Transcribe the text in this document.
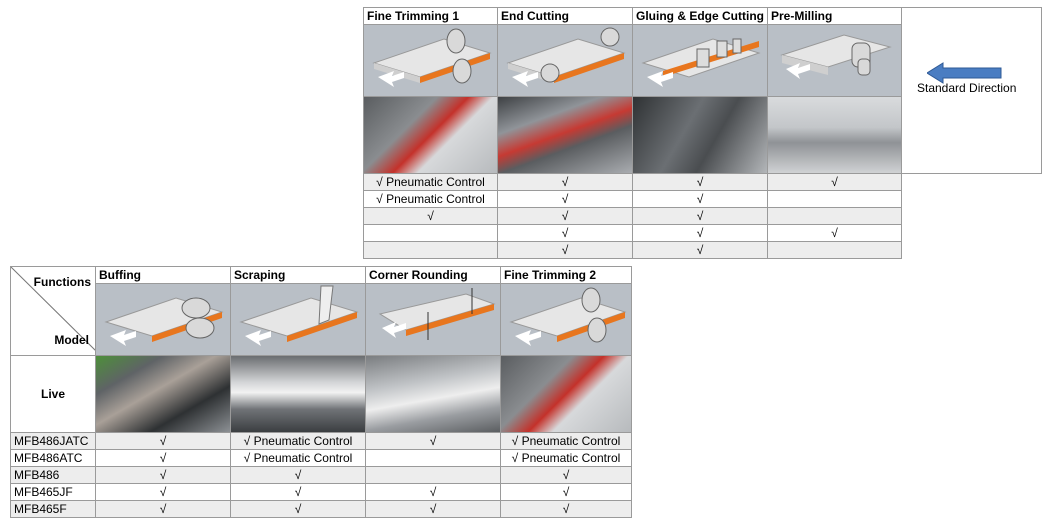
Fine Trimming 1	End Cutting	Gluing & Edge Cutting	Pre-Milling	

√ Pneumatic Control	√	√	√	
√ Pneumatic Control	√	√		
√	√	√		
	√	√	√	
	√	√		
Standard Direction
Functions
Model	Buffing	Scraping	Corner Rounding	Fine Trimming 2

Live	

MFB486JATC	√	√ Pneumatic Control	√	√ Pneumatic Control
MFB486ATC	√	√ Pneumatic Control		√ Pneumatic Control
MFB486	√	√		√
MFB465JF	√	√	√	√
MFB465F	√	√	√	√
